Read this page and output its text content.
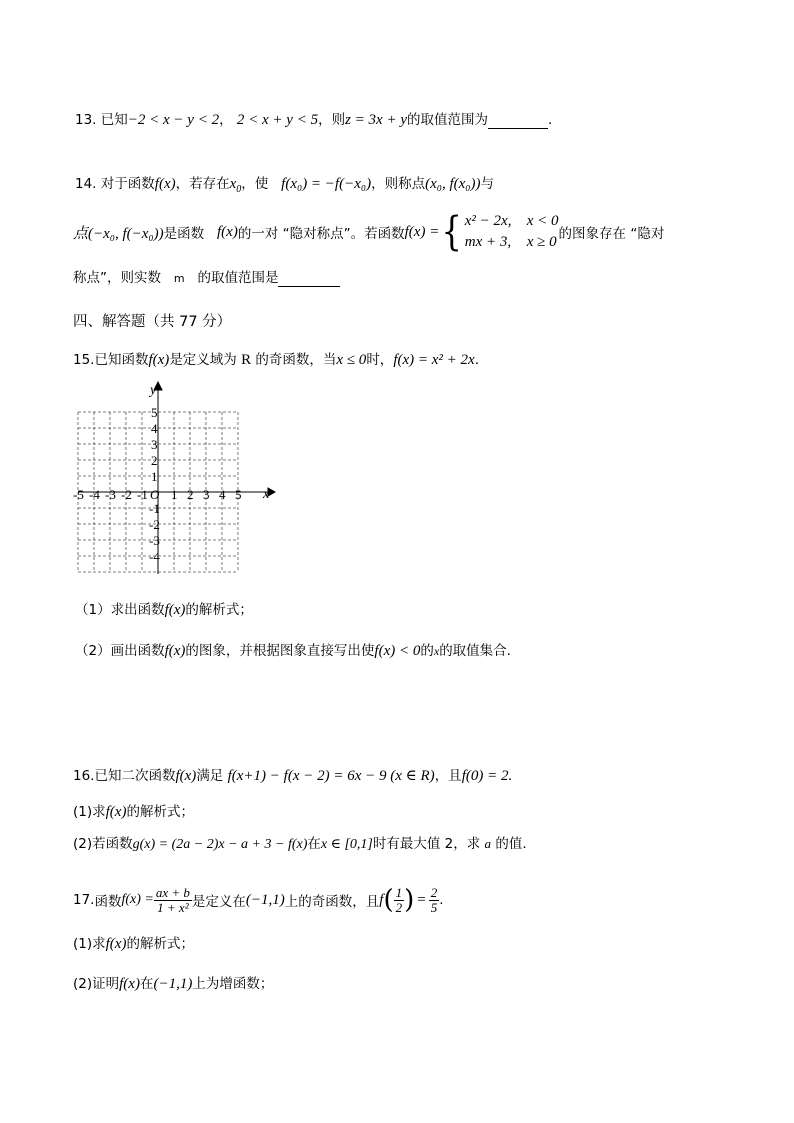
13. 已知−2 < x − y < 2， 2 < x + y < 5，则z = 3x + y的取值范围为	.
14. 对于函数f(x)，若存在$x_0$，使 f(x₀) = −f(−x₀)，则称点(x₀, f(x₀))与
点(−x₀, f(−x₀)) 是函数
f(x) 的一对 “隐对称点”。若函数 f(x) = { x² − 2x, x < 0
mx + 3, x ≥ 0 的图象存在 “隐对
称点”，则实数 m 的取值范围是
四、解答题（共 77 分）
15.已知函数f(x)是定义域为 R 的奇函数，当x ≤ 0时，f(x) = x² + 2x.
y
x
O
-5 -4 -3 -2 -1 1 2 3 4 5
5
4
3
2
1
-1
-2
-3
-4
（1）求出函数f(x)的解析式；
（2）画出函数f(x)的图象，并根据图象直接写出使f(x) < 0的x的取值集合.
16.已知二次函数f(x)满足 f(x+1) − f(x − 2) = 6x − 9 (x ∈ R)，且f(0) = 2.
(1)求f(x)的解析式；
(2)若函数g(x) = (2a − 2)x − a + 3 − f(x)在x ∈ [0,1]时有最大值 2，求 a 的值.
17. 函数 $f(x) = \frac{ax + b}{\text{1 + x²}}$ 是定义在 (−1,1) 上的奇函数，且 f ( $\frac{1}{2}$ ) = $\frac{2}{5}$ .
(1)求f(x)的解析式；
(2)证明f(x)在(−1,1)上为增函数；
